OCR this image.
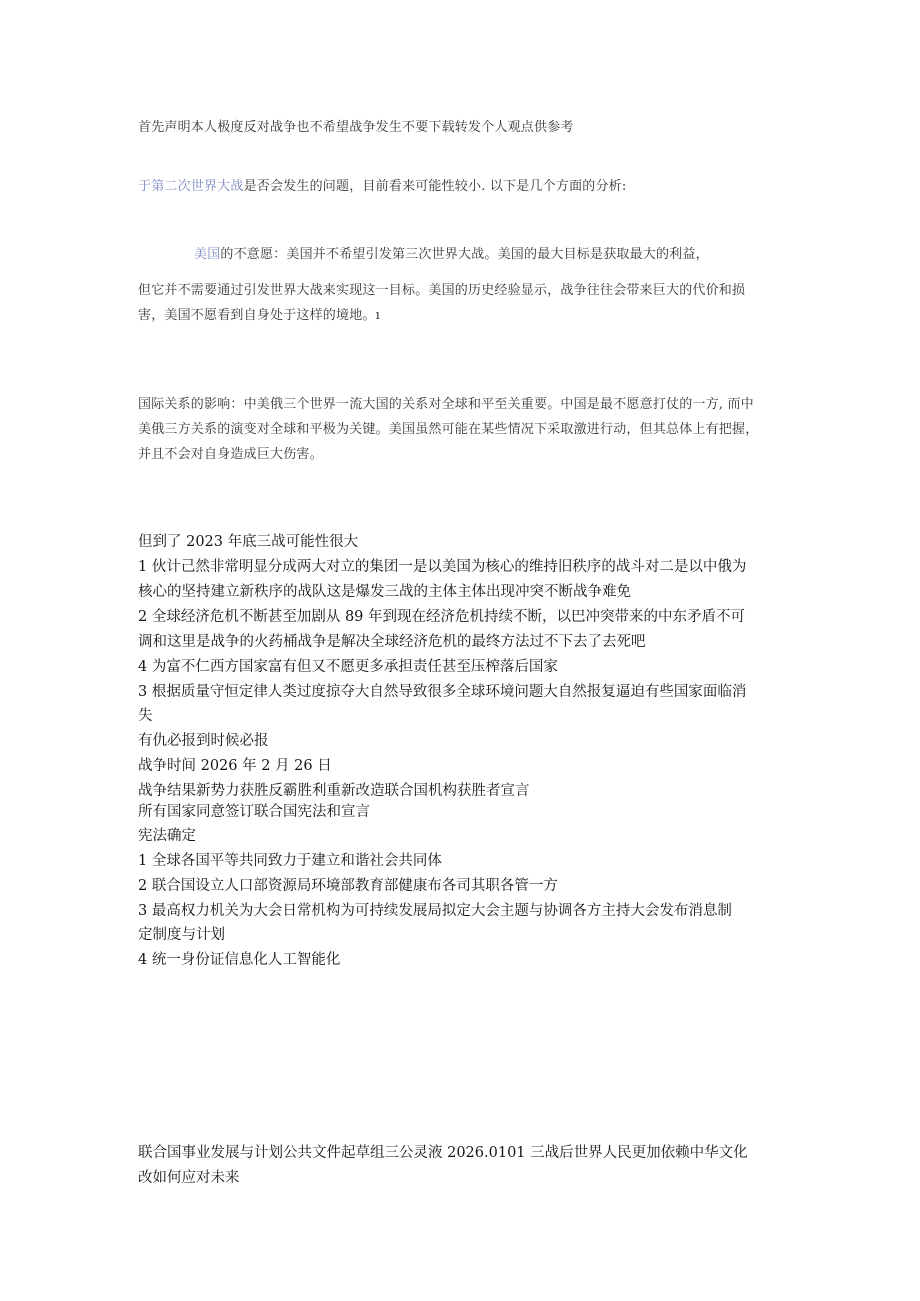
首先声明本人极度反对战争也不希望战争发生不要下载转发个人观点供参考

于第二次世界大战是否会发生的问题，目前看来可能性较小. 以下是几个方面的分析:

美国的不意愿：美国并不希望引发第三次世界大战。美国的最大目标是获取最大的利益，

但它并不需要通过引发世界大战来实现这一目标。美国的历史经验显示，战争往往会带来巨大的代价和损

害，美国不愿看到自身处于这样的境地。ı

国际关系的影响：中美俄三个世界一流大国的关系对全球和平至关重要。中国是最不愿意打仗的一方, 而中

美俄三方关系的演变对全球和平极为关键。美国虽然可能在某些情况下采取激进行动，但其总体上有把握，

并且不会对自身造成巨大伤害。

但到了 2023 年底三战可能性很大

1 伙计己然非常明显分成两大对立的集团一是以美国为核心的维持旧秩序的战斗对二是以中俄为

核心的坚持建立新秩序的战队这是爆发三战的主体主体出现冲突不断战争难免

2 全球经济危机不断甚至加剧从 89 年到现在经济危机持续不断，以巴冲突带来的中东矛盾不可

调和这里是战争的火药桶战争是解决全球经济危机的最终方法过不下去了去死吧

4 为富不仁西方国家富有但又不愿更多承担责任甚至压榨落后国家

3 根据质量守恒定律人类过度掠夺大自然导致很多全球环境问题大自然报复逼迫有些国家面临消

失

有仇必报到时候必报

战争时间 2026 年 2 月 26 日

战争结果新势力获胜反霸胜利重新改造联合国机构获胜者宣言

所有国家同意签订联合国宪法和宣言

宪法确定

1 全球各国平等共同致力于建立和谐社会共同体

2 联合国设立人口部资源局环境部教育部健康布各司其职各管一方

3 最高权力机关为大会日常机构为可持续发展局拟定大会主题与协调各方主持大会发布消息制

定制度与计划

4 统一身份证信息化人工智能化

联合国事业发展与计划公共文件起草组三公灵液 2026.0101 三战后世界人民更加依赖中华文化

改如何应对未来
